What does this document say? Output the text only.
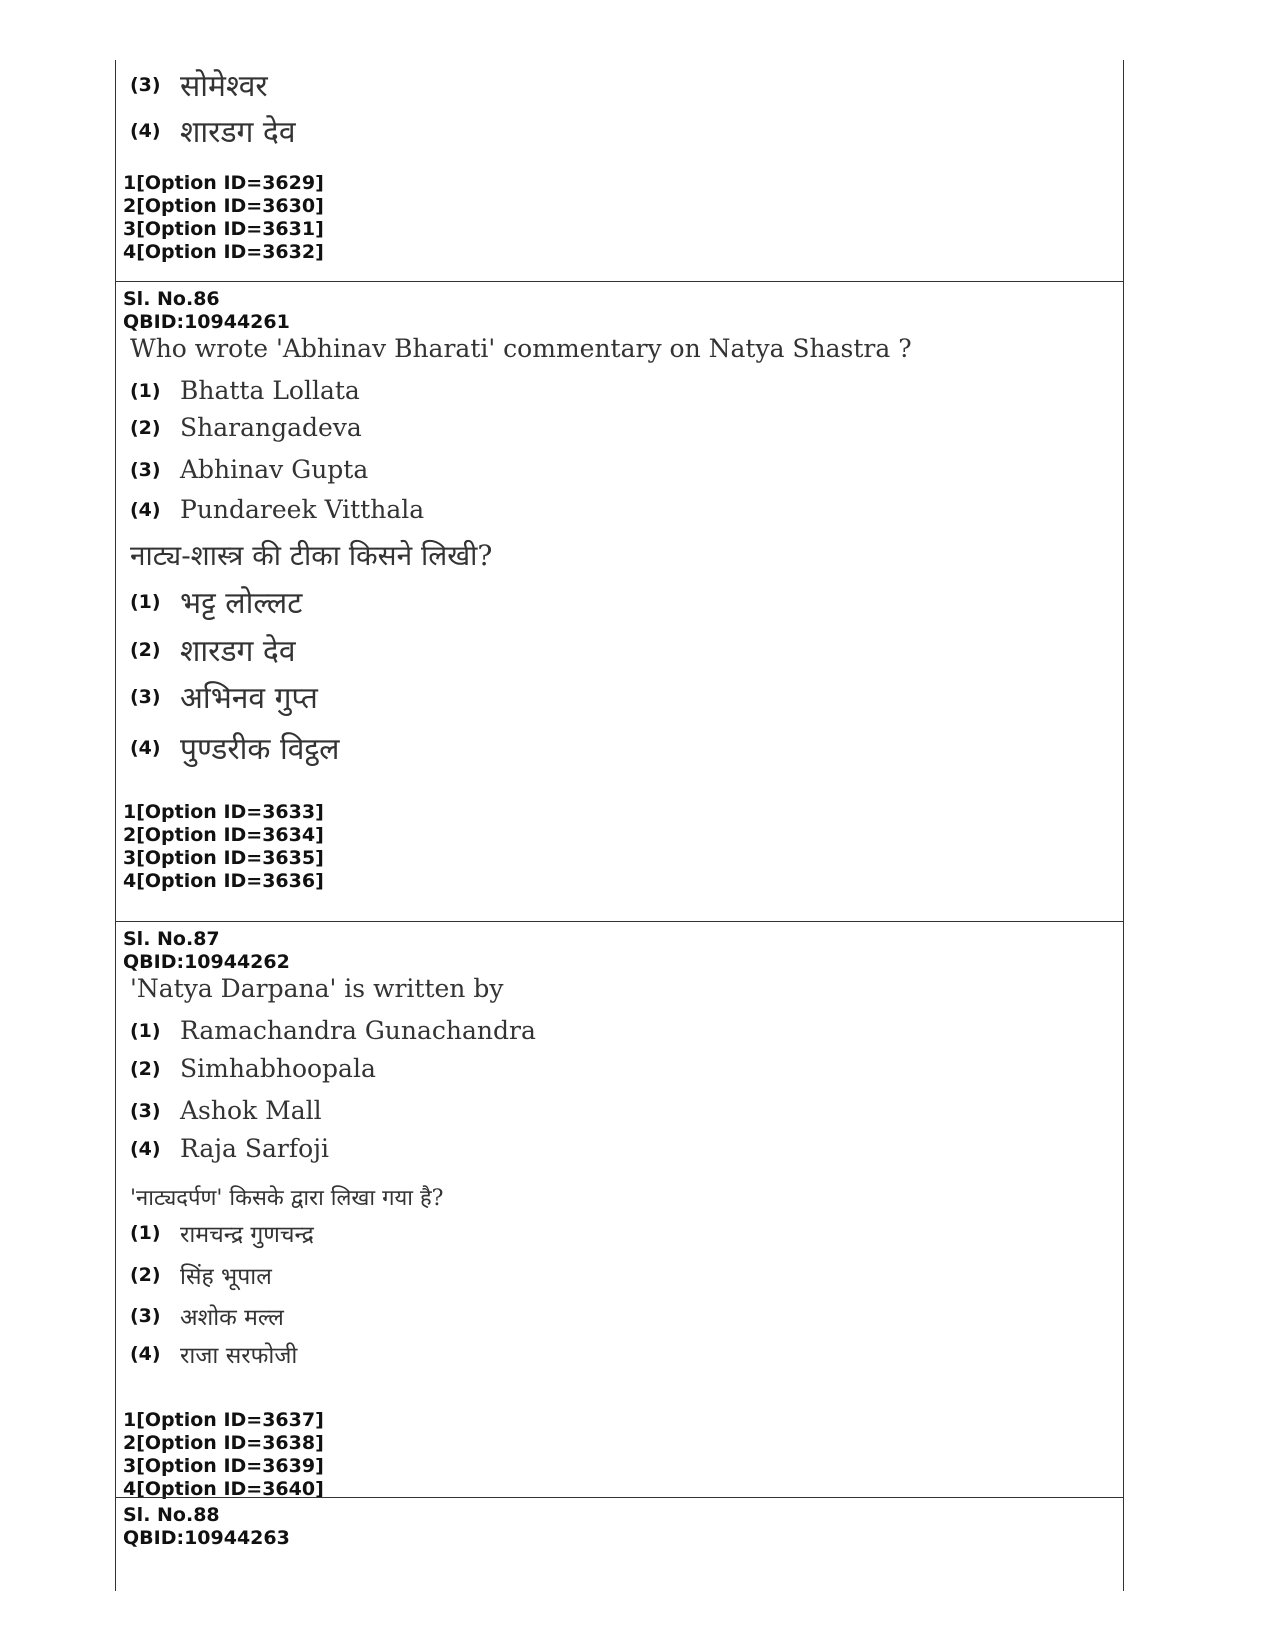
(3) सोमेश्वर
(4) शारडग देव
1[Option ID=3629]
2[Option ID=3630]
3[Option ID=3631]
4[Option ID=3632]
Sl. No.86
QBID:10944261
Who wrote 'Abhinav Bharati' commentary on Natya Shastra ?
(1) Bhatta Lollata
(2) Sharangadeva
(3) Abhinav Gupta
(4) Pundareek Vitthala
नाट्य-शास्त्र की टीका किसने लिखी?
(1) भट्ट लोल्लट
(2) शारडग देव
(3) अभिनव गुप्त
(4) पुण्डरीक विट्ठल
1[Option ID=3633]
2[Option ID=3634]
3[Option ID=3635]
4[Option ID=3636]
Sl. No.87
QBID:10944262
'Natya Darpana' is written by
(1) Ramachandra Gunachandra
(2) Simhabhoopala
(3) Ashok Mall
(4) Raja Sarfoji
'नाट्यदर्पण' किसके द्वारा लिखा गया है?
(1) रामचन्द्र गुणचन्द्र
(2) सिंह भूपाल
(3) अशोक मल्ल
(4) राजा सरफोजी
1[Option ID=3637]
2[Option ID=3638]
3[Option ID=3639]
4[Option ID=3640]
Sl. No.88
QBID:10944263
